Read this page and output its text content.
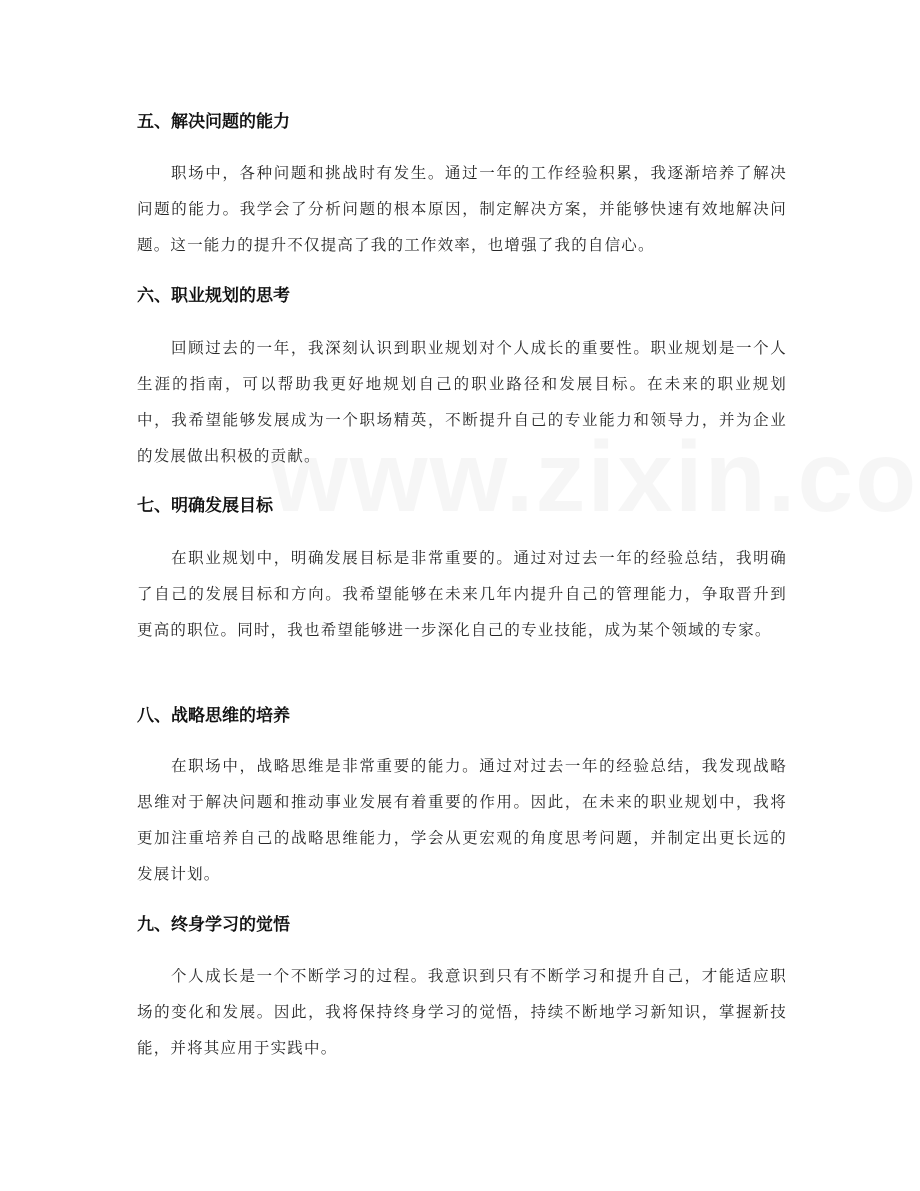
五、解决问题的能力

职场中，各种问题和挑战时有发生。通过一年的工作经验积累，我逐渐培养了解决问题的能力。我学会了分析问题的根本原因，制定解决方案，并能够快速有效地解决问题。这一能力的提升不仅提高了我的工作效率，也增强了我的自信心。

六、职业规划的思考

回顾过去的一年，我深刻认识到职业规划对个人成长的重要性。职业规划是一个人生涯的指南，可以帮助我更好地规划自己的职业路径和发展目标。在未来的职业规划中，我希望能够发展成为一个职场精英，不断提升自己的专业能力和领导力，并为企业的发展做出积极的贡献。

七、明确发展目标

在职业规划中，明确发展目标是非常重要的。通过对过去一年的经验总结，我明确了自己的发展目标和方向。我希望能够在未来几年内提升自己的管理能力，争取晋升到更高的职位。同时，我也希望能够进一步深化自己的专业技能，成为某个领域的专家。

八、战略思维的培养

在职场中，战略思维是非常重要的能力。通过对过去一年的经验总结，我发现战略思维对于解决问题和推动事业发展有着重要的作用。因此，在未来的职业规划中，我将更加注重培养自己的战略思维能力，学会从更宏观的角度思考问题，并制定出更长远的发展计划。

九、终身学习的觉悟

个人成长是一个不断学习的过程。我意识到只有不断学习和提升自己，才能适应职场的变化和发展。因此，我将保持终身学习的觉悟，持续不断地学习新知识，掌握新技能，并将其应用于实践中。
